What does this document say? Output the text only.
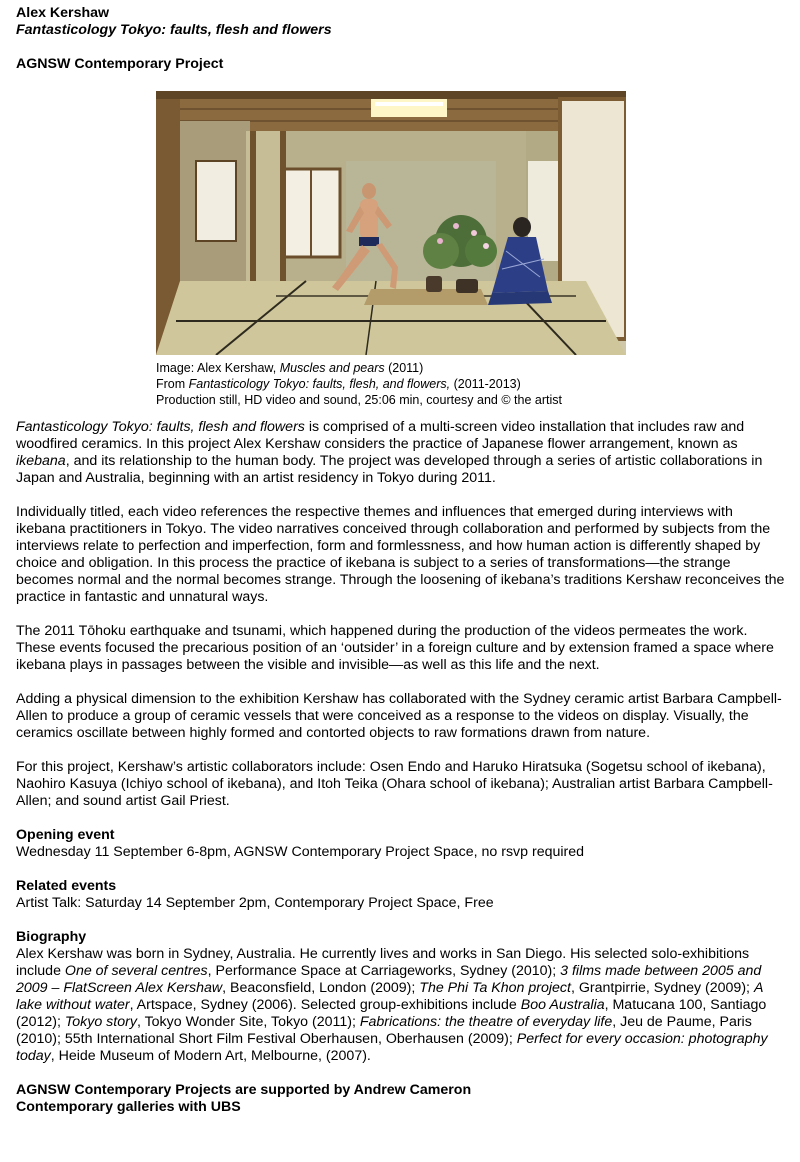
Alex Kershaw

Fantasticology Tokyo: faults, flesh and flowers

AGNSW Contemporary Project

Image: Alex Kershaw, Muscles and pears (2011)

From Fantasticology Tokyo: faults, flesh, and flowers, (2011-2013)

Production still, HD video and sound, 25:06 min, courtesy and © the artist

Fantasticology Tokyo: faults, flesh and flowers is comprised of a multi-screen video installation that includes raw and woodfired ceramics. In this project Alex Kershaw considers the practice of Japanese flower arrangement, known as ikebana, and its relationship to the human body. The project was developed through a series of artistic collaborations in Japan and Australia, beginning with an artist residency in Tokyo during 2011.

Individually titled, each video references the respective themes and influences that emerged during interviews with ikebana practitioners in Tokyo. The video narratives conceived through collaboration and performed by subjects from the interviews relate to perfection and imperfection, form and formlessness, and how human action is differently shaped by choice and obligation. In this process the practice of ikebana is subject to a series of transformations—the strange becomes normal and the normal becomes strange. Through the loosening of ikebana’s traditions Kershaw reconceives the practice in fantastic and unnatural ways.

The 2011 Tōhoku earthquake and tsunami, which happened during the production of the videos permeates the work. These events focused the precarious position of an ‘outsider’ in a foreign culture and by extension framed a space where ikebana plays in passages between the visible and invisible—as well as this life and the next.

Adding a physical dimension to the exhibition Kershaw has collaborated with the Sydney ceramic artist Barbara Campbell-Allen to produce a group of ceramic vessels that were conceived as a response to the videos on display. Visually, the ceramics oscillate between highly formed and contorted objects to raw formations drawn from nature.

For this project, Kershaw’s artistic collaborators include: Osen Endo and Haruko Hiratsuka (Sogetsu school of ikebana), Naohiro Kasuya (Ichiyo school of ikebana), and Itoh Teika (Ohara school of ikebana); Australian artist Barbara Campbell-Allen; and sound artist Gail Priest.

Opening event

Wednesday 11 September 6-8pm, AGNSW Contemporary Project Space, no rsvp required

Related events

Artist Talk: Saturday 14 September 2pm, Contemporary Project Space, Free

Biography

Alex Kershaw was born in Sydney, Australia. He currently lives and works in San Diego. His selected solo-exhibitions include One of several centres, Performance Space at Carriageworks, Sydney (2010); 3 films made between 2005 and 2009 – FlatScreen Alex Kershaw, Beaconsfield, London (2009); The Phi Ta Khon project, Grantpirrie, Sydney (2009); A lake without water, Artspace, Sydney (2006). Selected group-exhibitions include Boo Australia, Matucana 100, Santiago (2012); Tokyo story, Tokyo Wonder Site, Tokyo (2011); Fabrications: the theatre of everyday life, Jeu de Paume, Paris (2010); 55th International Short Film Festival Oberhausen, Oberhausen (2009); Perfect for every occasion: photography today, Heide Museum of Modern Art, Melbourne, (2007).

AGNSW Contemporary Projects are supported by Andrew Cameron

Contemporary galleries with UBS
